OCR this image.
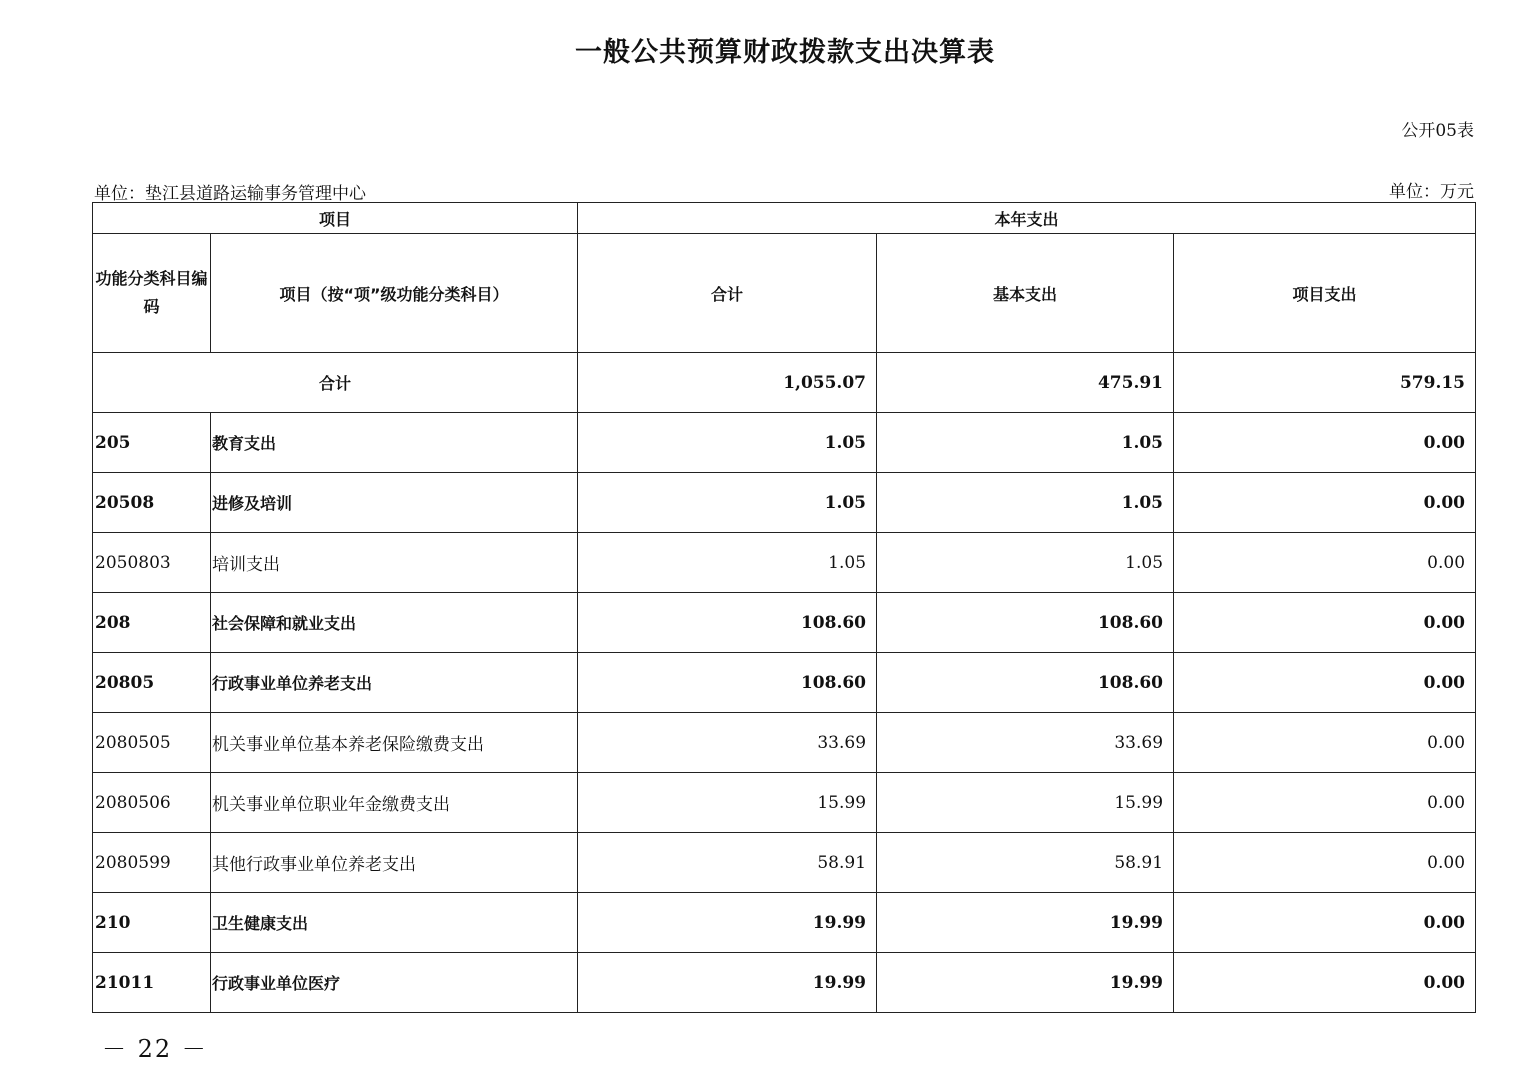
一般公共预算财政拨款支出决算表
公开05表
单位：垫江县道路运输事务管理中心	单位：万元
项目		本年支出		
功能分类科目编码	项目（按“项”级功能分类科目）	合计	基本支出	项目支出
合计		1,055.07	475.91	579.15
205	教育支出	1.05	1.05	0.00
20508	进修及培训	1.05	1.05	0.00
2050803	培训支出	1.05	1.05	0.00
208	社会保障和就业支出	108.60	108.60	0.00
20805	行政事业单位养老支出	108.60	108.60	0.00
2080505	机关事业单位基本养老保险缴费支出	33.69	33.69	0.00
2080506	机关事业单位职业年金缴费支出	15.99	15.99	0.00
2080599	其他行政事业单位养老支出	58.91	58.91	0.00
210	卫生健康支出	19.99	19.99	0.00
21011	行政事业单位医疗	19.99	19.99	0.00
－ 22 －
